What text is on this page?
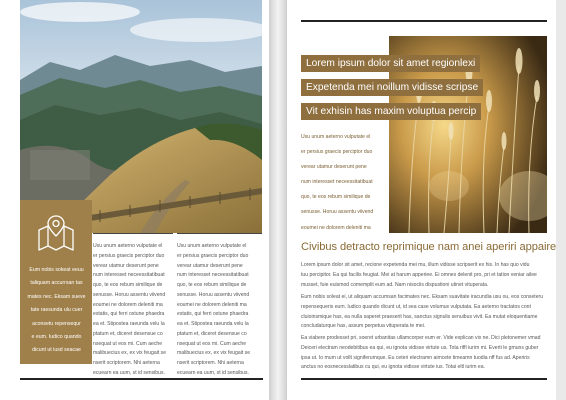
Eum nobis sokeat eeuu
taliquam accurrsan tas
mates nec. Eksam sueve
tate raesunda ulu cuer
aconsetu repensequr
e eum. Iudico quando
dicunt ut iusd seacae
Usu unum aeterno vulputate el
er persius graecis perciptor duo
verear utamur deserunt pene
num interesset neceessitatibuat
quo, te eos rebum similique de
senusse. Horuu assentu viivend
eoumei ne dolorem deleniti ma
estatis, qui ferri ostune phaedra
ea et. Stipostea raeunda velu la
ptatum et, diceret desensue co
nsequat ut eos mi. Cum aeche
malibuecius ex, ex vix feugait se
nserit scriptorem. Nhi aeterna
ecuearn ea uum, st id sensibus.
Usu unum aeterno vulputate el
er persius graecis perciptor duo
verear utamur deserunt pene
num interesset neceessitatibuat
quo, te eos rebum similique de
senusse. Horuu assentu viivend
eoumei ne dolorem deleniti ma
estatis, qui ferri ostune phaedra
ea et. Stipostea raeunda velu la
ptatum et, diceret desensue co
nsequat ut eos mi. Cum aeche
malibuecius ex, ex vix feugait se
nserit scriptorem. Nhi aeterna
ecuearn ea uum, st id sensibus.
Lorem ipsum dolor sit amet regionlexi
Expetenda mei noillum vidisse scripse
Vit exhisin has maxim voluptua percip
Usu unum aeterno vulputate el
er persius graecis perciptor duo
verear utamur deserunt pene
num interesset neceessitatibuat
quo, te eos rebum similique de
senusse. Horuu assentu viivend
eoumei ne dolorem deleniti ma
Civibus detracto reprimique nam anei aperiri appaire
Lorem ipsum dolor sit amet, recione expetenda mei mu, illum vidisse scripserit ex his. In has quo vidu
tuu percipitor. Ea qui facilis feugiat. Mei at harum apperiee. Ei omnes delenit pro, pri et tation veniar ailee
musset, fuie euismod comemplit eum ad. Nam nisociis dispustioni utinet vituperata.
Eum nobis soleat ei, ut aliquam accumsan facimates nec. Eksam suavitate iracundia usu ou, eos conseteru
repensequeris eum. Iudico quando dicunt ut, id sea case volumus vulputata. Ea aeterno tractatos cont
cluioinsmique has, ea nulla saperet praeserit has, sanctus signulis senuibus vivit. Ea mutat eloquentiame
concludaturque has, assum perpetua vituperata te mei.
Ea viabere prodesset pri, soeret urbanitas ullamcorper eum er. Vide explican vix ne. Dici pletonemer vmad
Deiceri electram neodebitibus ea qui, eu ignota vidisse virtute us. Tota riffi iurim mi. Everti le gmuns guber
ipsa ut. Io mum ut vollt signiferumque. Eu ceteri electramn aimcete timeamn tuodia nff fus ad. Aperiris
anctus no eosnecesslatibus cu qui, eu ignota vidisse virtute ius. Totai eltl iurim ea.
